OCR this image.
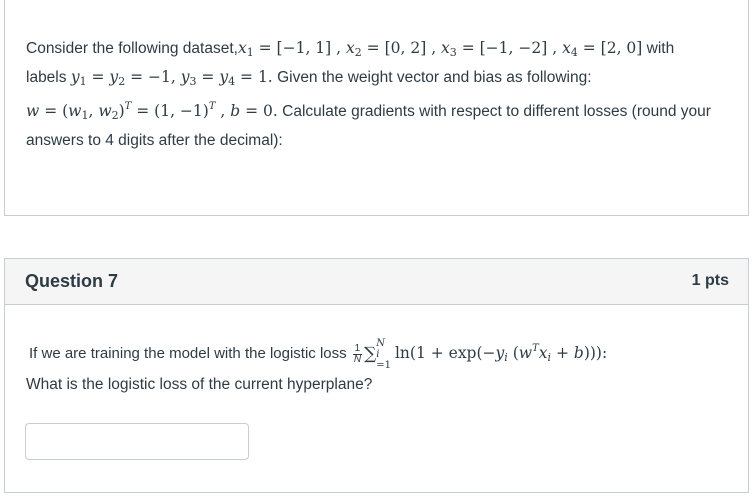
Consider the following $dataset,x_1 = [-1$, 1] , $x_2 = [0$, 2] , $x_3 = [-1$, −2] , $x_4 = [2$, 0] with
labels $y_1 = y_2 = -1$, $y_3 = y_4 = 1$. Given the weight vector and bias as following:
$w = (w_1$, $w_2)^T = (1$, −1)$^T$ , b = 0. Calculate gradients with respect to different losses (round your answers to 4 digits after the decimal):
Question 7	1 pts
If we are training the model with the logistic loss $\frac{1}{N}$ ∑
N
i
=1
$\ln(1 + \exp(-y_i$ $(w^Tx_i + b)$)):
What is the logistic loss of the current hyperplane?
